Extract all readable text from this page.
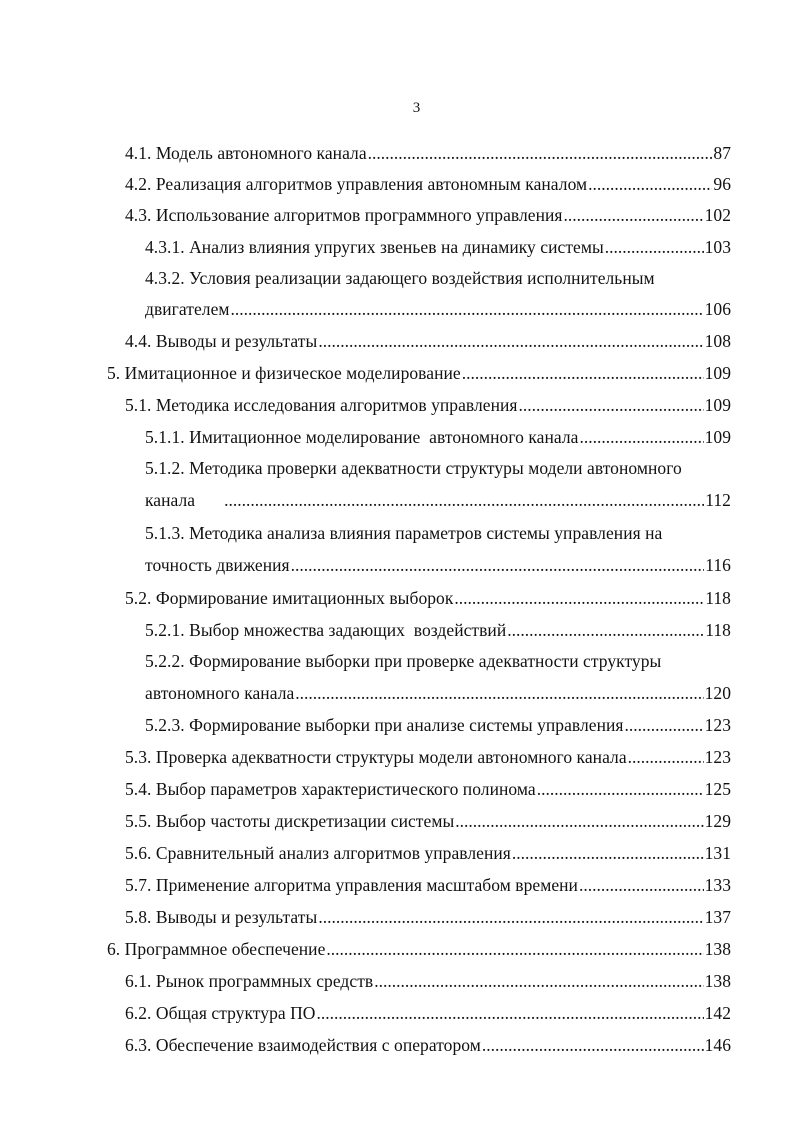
3
4.1. Модель автономного канала .....	87
4.2. Реализация алгоритмов управления автономным каналом .....	96
4.3. Использование алгоритмов программного управления .....	102
4.3.1. Анализ влияния упругих звеньев на динамику системы .....	103
4.3.2. Условия реализации задающего воздействия исполнительным
двигателем .....	106
4.4. Выводы и результаты .....	108
5. Имитационное и физическое моделирование .....	109
5.1. Методика исследования алгоритмов управления .....	109
5.1.1. Имитационное моделирование  автономного канала .....	109
5.1.2. Методика проверки адекватности структуры модели автономного
канала .....	112
5.1.3. Методика анализа влияния параметров системы управления на
точность движения .....	116
5.2. Формирование имитационных выборок .....	118
5.2.1. Выбор множества задающих  воздействий .....	118
5.2.2. Формирование выборки при проверке адекватности структуры
автономного канала .....	120
5.2.3. Формирование выборки при анализе системы управления .....	123
5.3. Проверка адекватности структуры модели автономного канала .....	123
5.4. Выбор параметров характеристического полинома .....	125
5.5. Выбор частоты дискретизации системы .....	129
5.6. Сравнительный анализ алгоритмов управления .....	131
5.7. Применение алгоритма управления масштабом времени .....	133
5.8. Выводы и результаты .....	137
6. Программное обеспечение .....	138
6.1. Рынок программных средств .....	138
6.2. Общая структура ПО .....	142
6.3. Обеспечение взаимодействия с оператором .....	146
